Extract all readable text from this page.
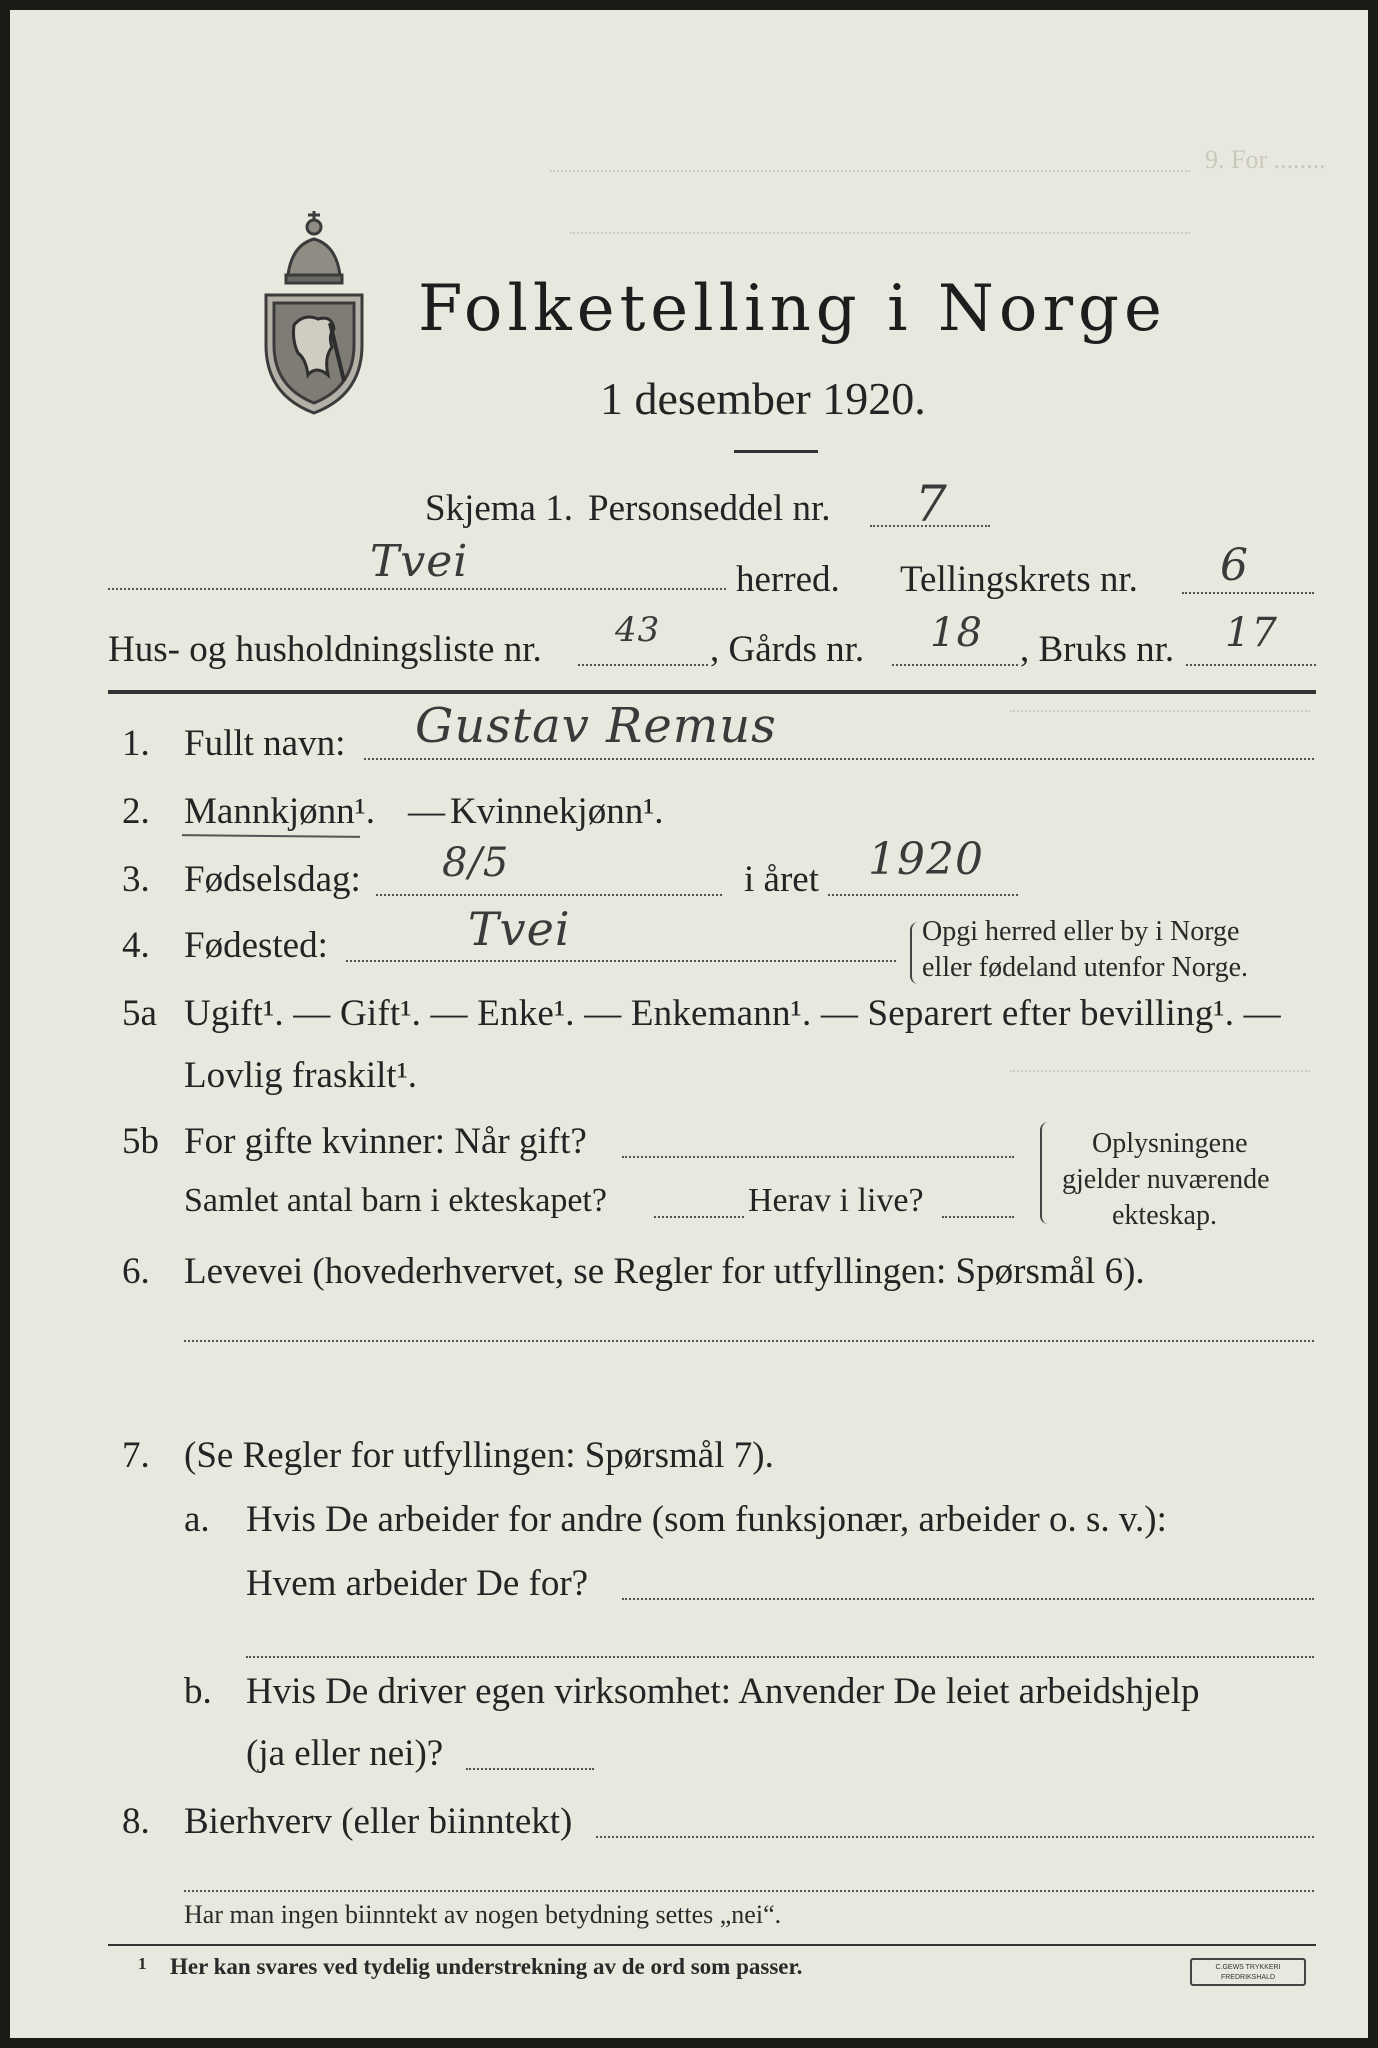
9. For ........
Folketelling i Norge
1 desember 1920.
Skjema 1. Personseddel nr. 7
Tvei	herred. Tellingskrets nr. 6
Hus- og husholdningsliste nr. 43 , Gårds nr. 18 , Bruks nr. 17
1. Fullt navn: Gustav Remus
2. Mannkjønn¹. — Kvinnekjønn¹.
3. Fødselsdag: 8/5	i året 1920
4. Fødested:	Tvei	Opgi herred eller by i Norge
eller fødeland utenfor Norge.
5a Ugift¹. — Gift¹. — Enke¹. — Enkemann¹. — Separert efter bevilling¹. —
Lovlig fraskilt¹.
5b For gifte kvinner: Når gift?
Samlet antal barn i ekteskapet?	Herav i live?
Oplysningene
gjelder nuværende
ekteskap.
6. Levevei (hovederhvervet, se Regler for utfyllingen: Spørsmål 6).
7. (Se Regler for utfyllingen: Spørsmål 7).
a. Hvis De arbeider for andre (som funksjonær, arbeider o. s. v.):
Hvem arbeider De for?
b. Hvis De driver egen virksomhet: Anvender De leiet arbeidshjelp
(ja eller nei)?
8. Bierhverv (eller biinntekt)
Har man ingen biinntekt av nogen betydning settes „nei“.
1 Her kan svares ved tydelig understrekning av de ord som passer.	C.GEWS TRYKKERI
FREDRIKSHALD
